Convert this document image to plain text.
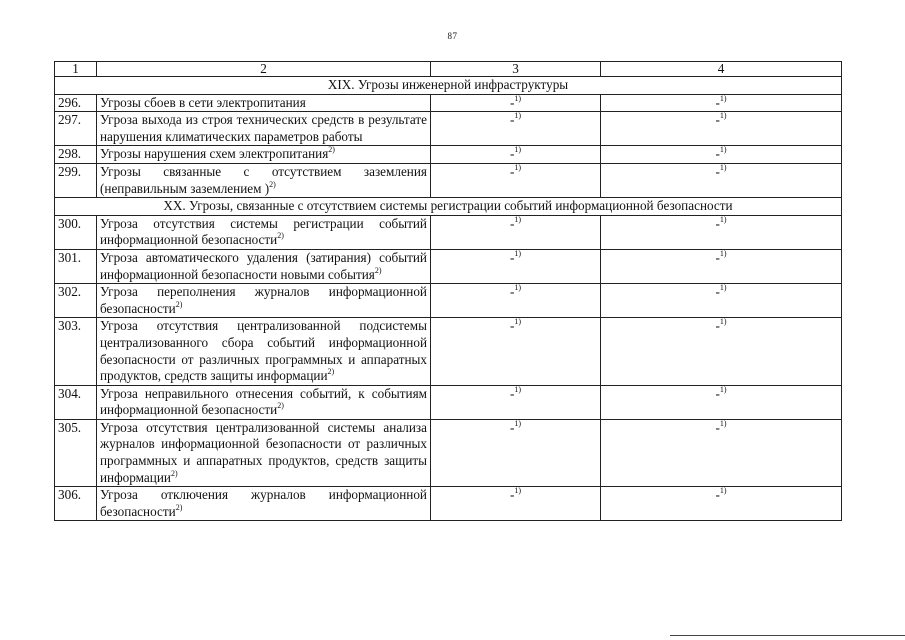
87
1	2	3	4
XIX. Угрозы инженерной инфраструктуры			
296.	Угрозы сбоев в сети электропитания	-$^{1)}$	-$^{1)}$
297.	Угроза выхода из строя технических средств в результате нарушения климатических параметров работы	-$^{1)}$	-$^{1)}$
298.	Угрозы нарушения схем электропитания$^{2)}$	-$^{1)}$	-$^{1)}$
299.	Угрозы связанные с отсутствием заземления (неправильным заземлением )$^{2)}$	-$^{1)}$	-$^{1)}$
XX. Угрозы, связанные с отсутствием системы регистрации событий информационной безопасности			
300.	Угроза отсутствия системы регистрации событий информационной безопасности$^{2)}$	-$^{1)}$	-$^{1)}$
301.	Угроза автоматического удаления (затирания) событий информационной безопасности новыми события$^{2)}$	-$^{1)}$	-$^{1)}$
302.	Угроза переполнения журналов информационной безопасности$^{2)}$	-$^{1)}$	-$^{1)}$
303.	Угроза отсутствия централизованной подсистемы централизованного сбора событий информационной безопасности от различных программных и аппаратных продуктов, средств защиты информации$^{2)}$	-$^{1)}$	-$^{1)}$
304.	Угроза неправильного отнесения событий, к событиям информационной безопасности$^{2)}$	-$^{1)}$	-$^{1)}$
305.	Угроза отсутствия централизованной системы анализа журналов информационной безопасности от различных программных и аппаратных продуктов, средств защиты информации$^{2)}$	-$^{1)}$	-$^{1)}$
306.	Угроза отключения журналов информационной безопасности$^{2)}$	-$^{1)}$	-$^{1)}$
